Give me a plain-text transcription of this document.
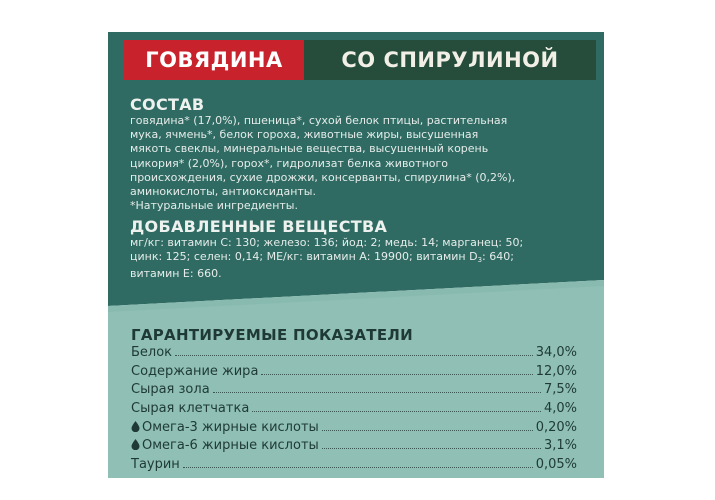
ГОВЯДИНА	СО СПИРУЛИНОЙ
СОСТАВ
говядина* (17,0%), пшеница*, сухой белок птицы, растительная
мука, ячмень*, белок гороха, животные жиры, высушенная
мякоть свеклы, минеральные вещества, высушенный корень
цикория* (2,0%), горох*, гидролизат белка животного
происхождения, сухие дрожжи, консерванты, спирулина* (0,2%),
аминокислоты, антиоксиданты.
*Натуральные ингредиенты.
ДОБАВЛЕННЫЕ ВЕЩЕСТВА
мг/кг: витамин С: 130; железо: 136; йод: 2; медь: 14; марганец: 50;
цинк: 125; селен: 0,14; МЕ/кг: витамин А: 19900; витамин $D_3$: 640;
витамин Е: 660.
ГАРАНТИРУЕМЫЕ ПОКАЗАТЕЛИ
Белок	34,0%
Содержание жира	12,0%
Сырая зола	7,5%
Сырая клетчатка	4,0%
Омега-3 жирные кислоты	0,20%
Омега-6 жирные кислоты	3,1%
Таурин	0,05%
